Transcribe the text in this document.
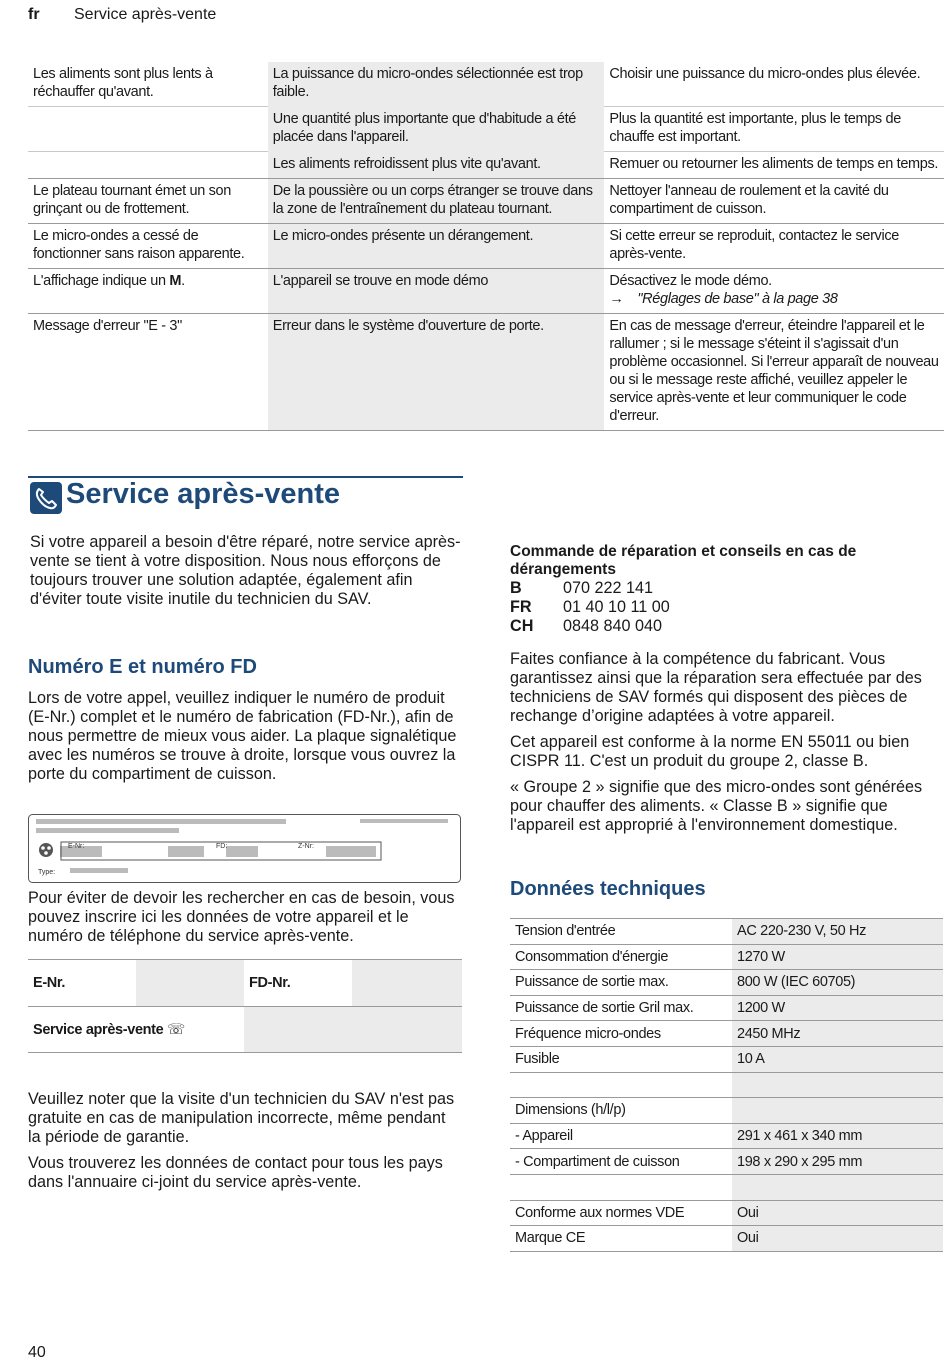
fr Service après-vente
Les aliments sont plus lents à réchauffer qu'avant.	La puissance du micro-ondes sélectionnée est trop faible.	Choisir une puissance du micro-ondes plus élevée.
	Une quantité plus importante que d'habitude a été placée dans l'appareil.	Plus la quantité est importante, plus le temps de chauffe est important.
	Les aliments refroidissent plus vite qu'avant.	Remuer ou retourner les aliments de temps en temps.
Le plateau tournant émet un son grinçant ou de frottement.	De la poussière ou un corps étranger se trouve dans la zone de l'entraînement du plateau tournant.	Nettoyer l'anneau de roulement et la cavité du compartiment de cuisson.
Le micro-ondes a cessé de fonctionner sans raison apparente.	Le micro-ondes présente un dérangement.	Si cette erreur se reproduit, contactez le service après-vente.
L'affichage indique un M.	L'appareil se trouve en mode démo	Désactivez le mode démo.
→ "Réglages de base" à la page 38

Message d'erreur "E - 3"	Erreur dans le système d'ouverture de porte.	En cas de message d'erreur, éteindre l'appareil et le rallumer ; si le message s'éteint il s'agissait d'un problème occasionnel. Si l'erreur apparaît de nouveau ou si le message reste affiché, veuillez appeler le service après-vente et leur communiquer le code d'erreur.
Service après-vente
Si votre appareil a besoin d'être réparé, notre service après-vente se tient à votre disposition. Nous nous efforçons de toujours trouver une solution adaptée, également afin d'éviter toute visite inutile du technicien du SAV.
Numéro E et numéro FD
Lors de votre appel, veuillez indiquer le numéro de produit (E-Nr.) complet et le numéro de fabrication (FD-Nr.), afin de nous permettre de mieux vous aider. La plaque signalétique avec les numéros se trouve à droite, lorsque vous ouvrez la porte du compartiment de cuisson.
E-Nr:	FD:	Z-Nr:
Type:
Pour éviter de devoir les rechercher en cas de besoin, vous pouvez inscrire ici les données de votre appareil et le numéro de téléphone du service après-vente.
E-Nr.		FD-Nr.	
Service après-vente ☏			

Veuillez noter que la visite d'un technicien du SAV n'est pas gratuite en cas de manipulation incorrecte, même pendant la période de garantie.

Vous trouverez les données de contact pour tous les pays dans l'annuaire ci-joint du service après-vente.

Commande de réparation et conseils en cas de dérangements
B	070 222 141
FR	01 40 10 11 00
CH	0848 840 040

Faites confiance à la compétence du fabricant. Vous garantissez ainsi que la réparation sera effectuée par des techniciens de SAV formés qui disposent des pièces de rechange d’origine adaptées à votre appareil.

Cet appareil est conforme à la norme EN 55011 ou bien CISPR 11. C'est un produit du groupe 2, classe B.

« Groupe 2 » signifie que des micro-ondes sont générées pour chauffer des aliments. « Classe B » signifie que l'appareil est approprié à l'environnement domestique.

Données techniques
Tension d'entrée	AC 220-230 V, 50 Hz
Consommation d'énergie	1270 W
Puissance de sortie max.	800 W (IEC 60705)
Puissance de sortie Gril max.	1200 W
Fréquence micro-ondes	2450 MHz
Fusible	10 A

Dimensions (h/l/p)	
- Appareil	291 x 461 x 340 mm
- Compartiment de cuisson	198 x 290 x 295 mm

Conforme aux normes VDE	Oui
Marque CE	Oui
40
